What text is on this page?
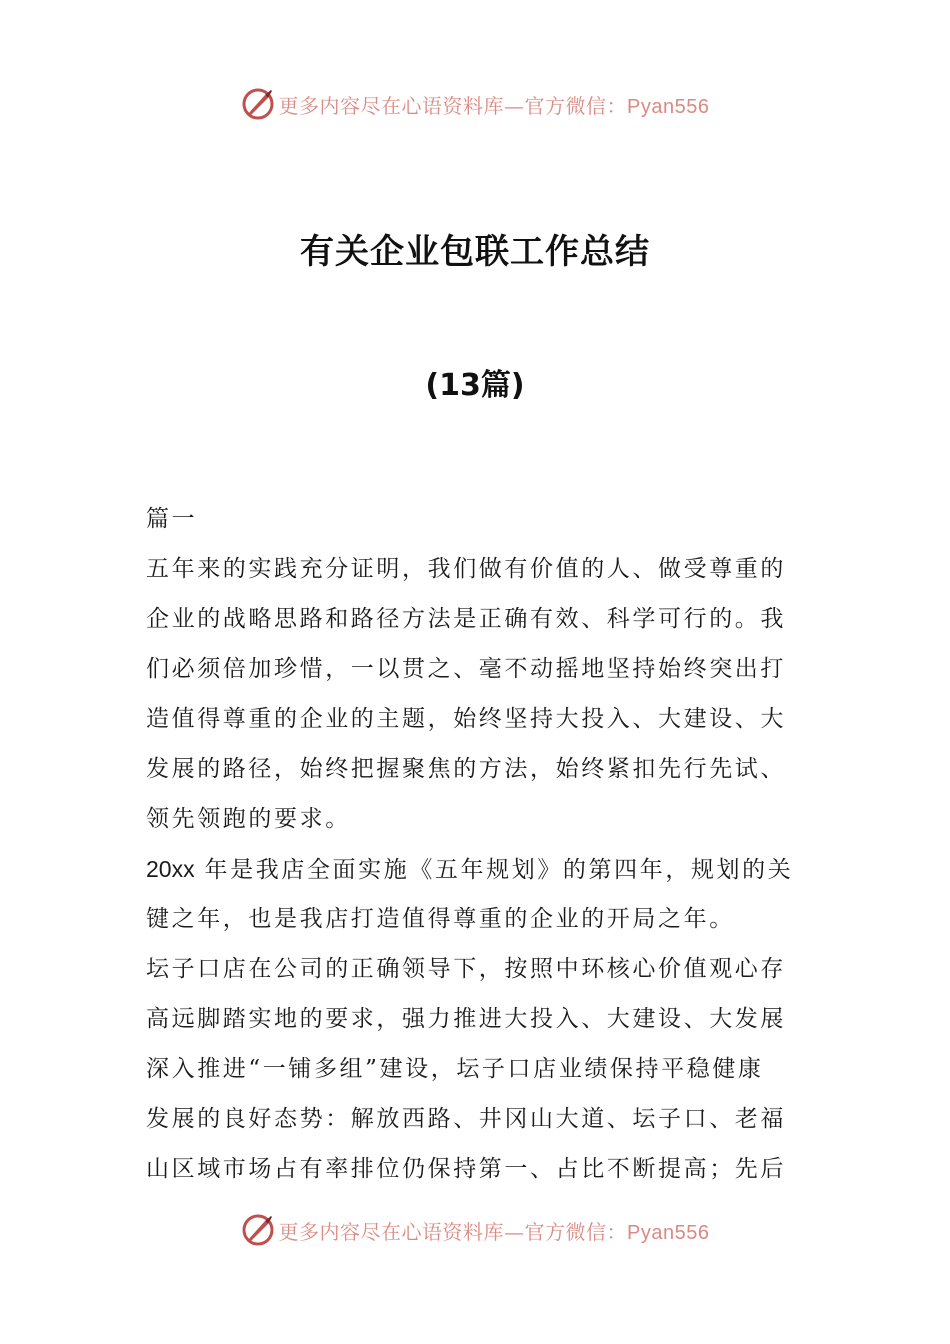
更多内容尽在心语资料库—官方微信：Pyan556
有关企业包联工作总结
(13篇)
篇一
五年来的实践充分证明，我们做有价值的人、做受尊重的
企业的战略思路和路径方法是正确有效、科学可行的。我
们必须倍加珍惜，一以贯之、毫不动摇地坚持始终突出打
造值得尊重的企业的主题，始终坚持大投入、大建设、大
发展的路径，始终把握聚焦的方法，始终紧扣先行先试、
领先领跑的要求。
20xx 年是我店全面实施《五年规划》的第四年，规划的关
键之年，也是我店打造值得尊重的企业的开局之年。
坛子口店在公司的正确领导下，按照中环核心价值观心存
高远脚踏实地的要求，强力推进大投入、大建设、大发展
深入推进“一铺多组”建设，坛子口店业绩保持平稳健康
发展的良好态势：解放西路、井冈山大道、坛子口、老福
山区域市场占有率排位仍保持第一、占比不断提高；先后
更多内容尽在心语资料库—官方微信：Pyan556
